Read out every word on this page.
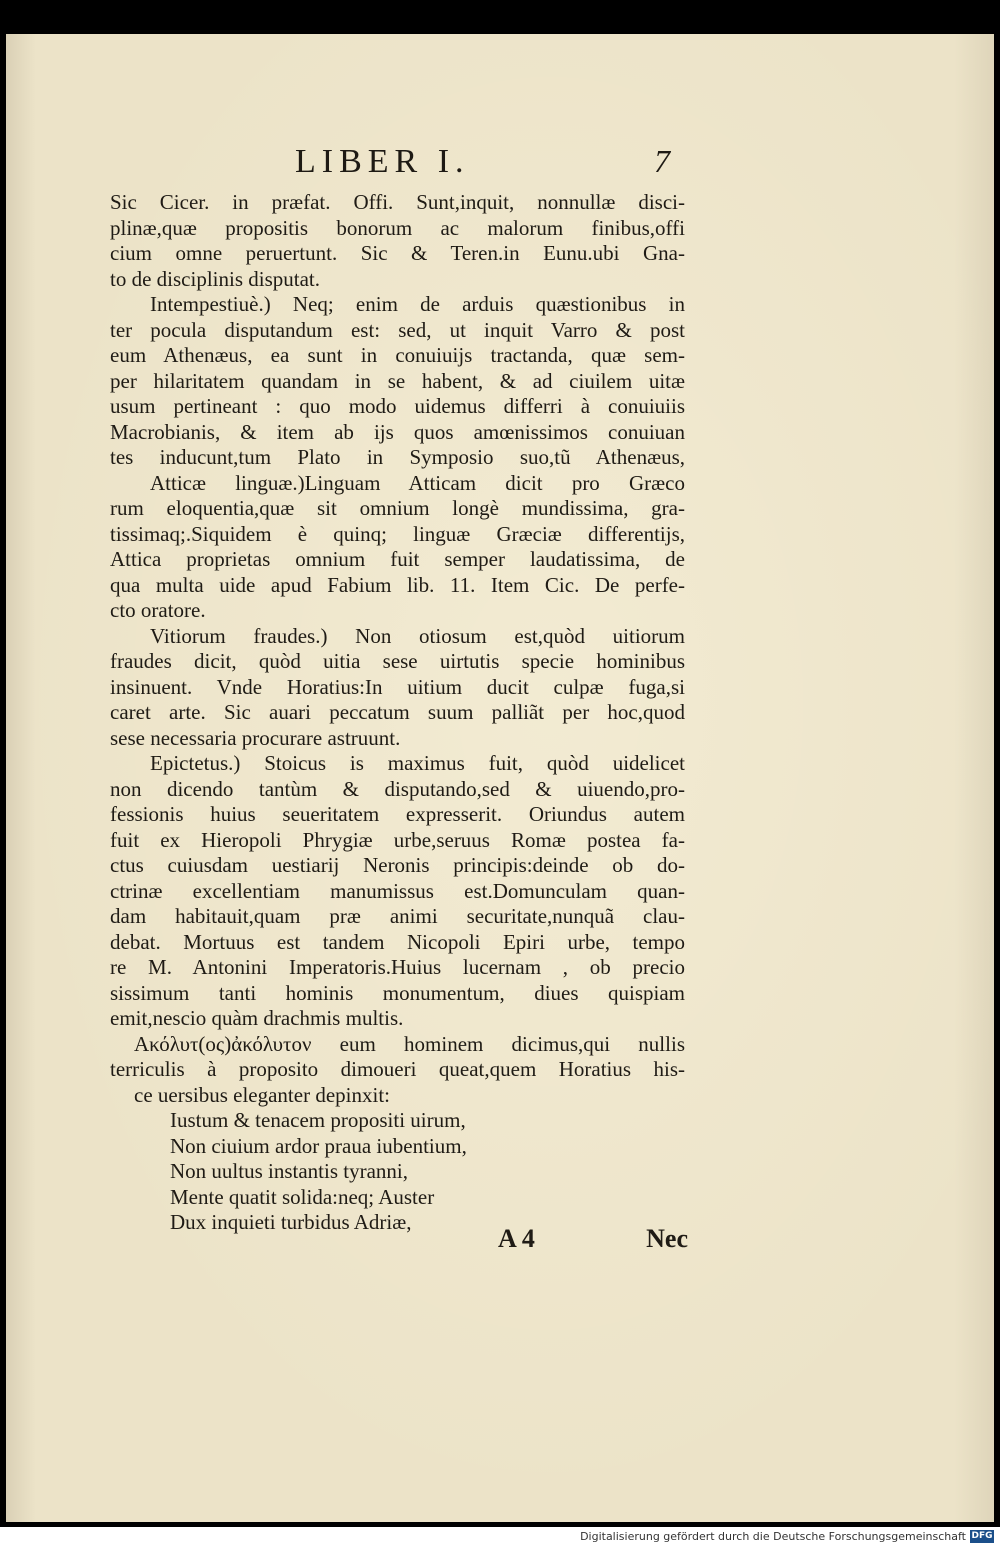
LIBER I.	7
Sic Cicer. in præfat. Offi. Sunt,inquit, nonnullæ disci-
plinæ,quæ propositis bonorum ac malorum finibus,offi
cium omne peruertunt. Sic & Teren.in Eunu.ubi Gna-
to de disciplinis disputat.
Intempestiuè.) Neq; enim de arduis quæstionibus in
ter pocula disputandum est: sed, ut inquit Varro & post
eum Athenæus, ea sunt in conuiuijs tractanda, quæ sem-
per hilaritatem quandam in se habent, & ad ciuilem uitæ
usum pertineant : quo modo uidemus differri à conuiuiis
Macrobianis, & item ab ijs quos amœnissimos conuiuan
tes inducunt,tum Plato in Symposio suo,tũ Athenæus,
Atticæ linguæ.)Linguam Atticam dicit pro Græco
rum eloquentia,quæ sit omnium longè mundissima, gra-
tissimaq;.Siquidem è quinq; linguæ Græciæ differentijs,
Attica proprietas omnium fuit semper laudatissima, de
qua multa uide apud Fabium lib. 11. Item Cic. De perfe-
cto oratore.
Vitiorum fraudes.) Non otiosum est,quòd uitiorum
fraudes dicit, quòd uitia sese uirtutis specie hominibus
insinuent. Vnde Horatius:In uitium ducit culpæ fuga,si
caret arte. Sic auari peccatum suum palliãt per hoc,quod
sese necessaria procurare astruunt.
Epictetus.) Stoicus is maximus fuit, quòd uidelicet
non dicendo tantùm & disputando,sed & uiuendo,pro-
fessionis huius seueritatem expresserit. Oriundus autem
fuit ex Hieropoli Phrygiæ urbe,seruus Romæ postea fa-
ctus cuiusdam uestiarij Neronis principis:deinde ob do-
ctrinæ excellentiam manumissus est.Domunculam quan-
dam habitauit,quam præ animi securitate,nunquã clau-
debat. Mortuus est tandem Nicopoli Epiri urbe, tempo
re M. Antonini Imperatoris.Huius lucernam , ob precio
sissimum tanti hominis monumentum, diues quispiam
emit,nescio quàm drachmis multis.
Ακόλυτ(ος)ἀκόλυτον eum hominem dicimus,qui nullis
terriculis à proposito dimoueri queat,quem Horatius his-
ce uersibus eleganter depinxit:
Iustum & tenacem propositi uirum,
Non ciuium ardor praua iubentium,
Non uultus instantis tyranni,
Mente quatit solida:neq; Auster
Dux inquieti turbidus Adriæ,
A 4	Nec
Digitalisierung gefördert durch die Deutsche Forschungsgemeinschaft DFG
